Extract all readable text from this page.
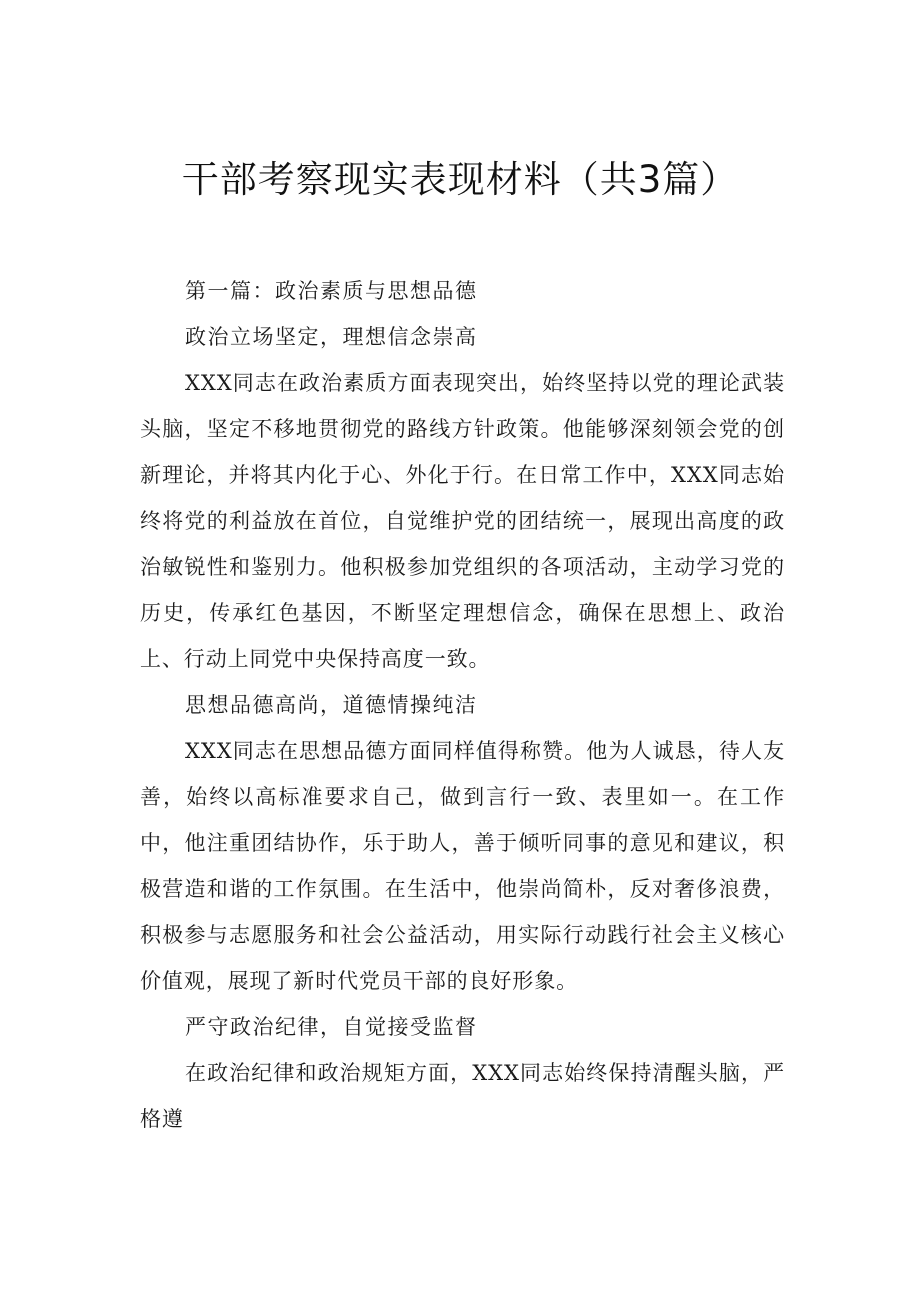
干部考察现实表现材料（共3篇）

第一篇：政治素质与思想品德

政治立场坚定，理想信念崇高

XXX同志在政治素质方面表现突出，始终坚持以党的理论武装头脑，坚定不移地贯彻党的路线方针政策。他能够深刻领会党的创新理论，并将其内化于心、外化于行。在日常工作中，XXX同志始终将党的利益放在首位，自觉维护党的团结统一，展现出高度的政治敏锐性和鉴别力。他积极参加党组织的各项活动，主动学习党的历史，传承红色基因，不断坚定理想信念，确保在思想上、政治上、行动上同党中央保持高度一致。

思想品德高尚，道德情操纯洁

XXX同志在思想品德方面同样值得称赞。他为人诚恳，待人友善，始终以高标准要求自己，做到言行一致、表里如一。在工作中，他注重团结协作，乐于助人，善于倾听同事的意见和建议，积极营造和谐的工作氛围。在生活中，他崇尚简朴，反对奢侈浪费，积极参与志愿服务和社会公益活动，用实际行动践行社会主义核心价值观，展现了新时代党员干部的良好形象。

严守政治纪律，自觉接受监督

在政治纪律和政治规矩方面，XXX同志始终保持清醒头脑，严格遵
